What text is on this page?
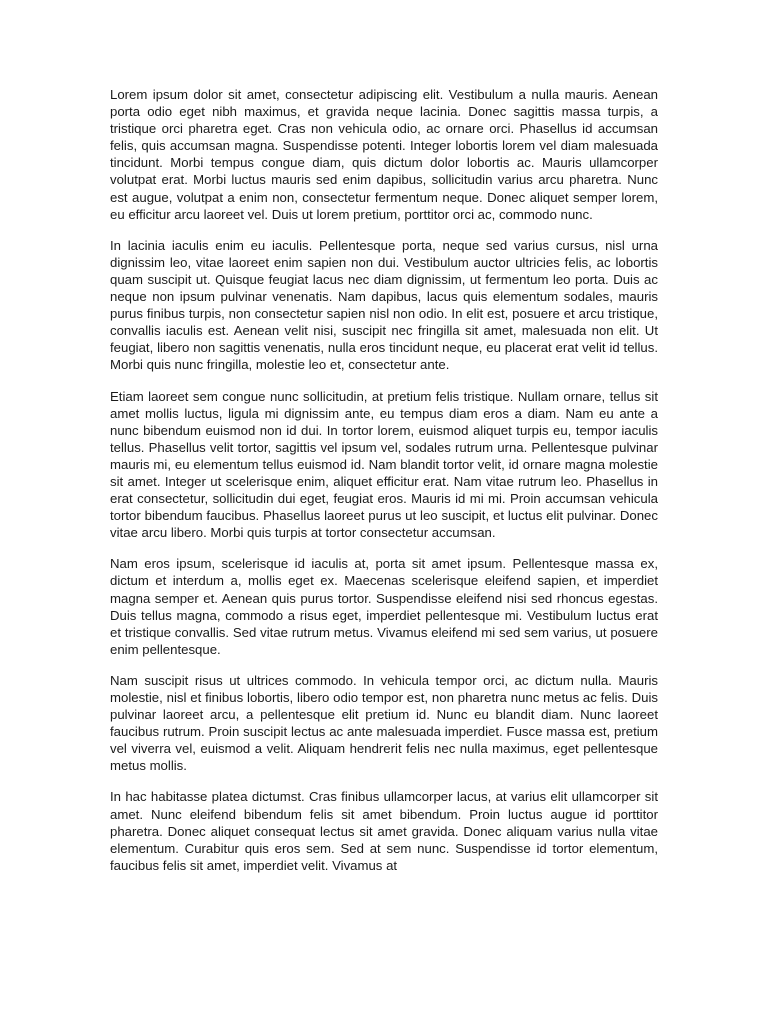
Lorem ipsum dolor sit amet, consectetur adipiscing elit. Vestibulum a nulla mauris. Aenean porta odio eget nibh maximus, et gravida neque lacinia. Donec sagittis massa turpis, a tristique orci pharetra eget. Cras non vehicula odio, ac ornare orci. Phasellus id accumsan felis, quis accumsan magna. Suspendisse potenti. Integer lobortis lorem vel diam malesuada tincidunt. Morbi tempus congue diam, quis dictum dolor lobortis ac. Mauris ullamcorper volutpat erat. Morbi luctus mauris sed enim dapibus, sollicitudin varius arcu pharetra. Nunc est augue, volutpat a enim non, consectetur fermentum neque. Donec aliquet semper lorem, eu efficitur arcu laoreet vel. Duis ut lorem pretium, porttitor orci ac, commodo nunc.

In lacinia iaculis enim eu iaculis. Pellentesque porta, neque sed varius cursus, nisl urna dignissim leo, vitae laoreet enim sapien non dui. Vestibulum auctor ultricies felis, ac lobortis quam suscipit ut. Quisque feugiat lacus nec diam dignissim, ut fermentum leo porta. Duis ac neque non ipsum pulvinar venenatis. Nam dapibus, lacus quis elementum sodales, mauris purus finibus turpis, non consectetur sapien nisl non odio. In elit est, posuere et arcu tristique, convallis iaculis est. Aenean velit nisi, suscipit nec fringilla sit amet, malesuada non elit. Ut feugiat, libero non sagittis venenatis, nulla eros tincidunt neque, eu placerat erat velit id tellus. Morbi quis nunc fringilla, molestie leo et, consectetur ante.

Etiam laoreet sem congue nunc sollicitudin, at pretium felis tristique. Nullam ornare, tellus sit amet mollis luctus, ligula mi dignissim ante, eu tempus diam eros a diam. Nam eu ante a nunc bibendum euismod non id dui. In tortor lorem, euismod aliquet turpis eu, tempor iaculis tellus. Phasellus velit tortor, sagittis vel ipsum vel, sodales rutrum urna. Pellentesque pulvinar mauris mi, eu elementum tellus euismod id. Nam blandit tortor velit, id ornare magna molestie sit amet. Integer ut scelerisque enim, aliquet efficitur erat. Nam vitae rutrum leo. Phasellus in erat consectetur, sollicitudin dui eget, feugiat eros. Mauris id mi mi. Proin accumsan vehicula tortor bibendum faucibus. Phasellus laoreet purus ut leo suscipit, et luctus elit pulvinar. Donec vitae arcu libero. Morbi quis turpis at tortor consectetur accumsan.

Nam eros ipsum, scelerisque id iaculis at, porta sit amet ipsum. Pellentesque massa ex, dictum et interdum a, mollis eget ex. Maecenas scelerisque eleifend sapien, et imperdiet magna semper et. Aenean quis purus tortor. Suspendisse eleifend nisi sed rhoncus egestas. Duis tellus magna, commodo a risus eget, imperdiet pellentesque mi. Vestibulum luctus erat et tristique convallis. Sed vitae rutrum metus. Vivamus eleifend mi sed sem varius, ut posuere enim pellentesque.

Nam suscipit risus ut ultrices commodo. In vehicula tempor orci, ac dictum nulla. Mauris molestie, nisl et finibus lobortis, libero odio tempor est, non pharetra nunc metus ac felis. Duis pulvinar laoreet arcu, a pellentesque elit pretium id. Nunc eu blandit diam. Nunc laoreet faucibus rutrum. Proin suscipit lectus ac ante malesuada imperdiet. Fusce massa est, pretium vel viverra vel, euismod a velit. Aliquam hendrerit felis nec nulla maximus, eget pellentesque metus mollis.

In hac habitasse platea dictumst. Cras finibus ullamcorper lacus, at varius elit ullamcorper sit amet. Nunc eleifend bibendum felis sit amet bibendum. Proin luctus augue id porttitor pharetra. Donec aliquet consequat lectus sit amet gravida. Donec aliquam varius nulla vitae elementum. Curabitur quis eros sem. Sed at sem nunc. Suspendisse id tortor elementum, faucibus felis sit amet, imperdiet velit. Vivamus at
